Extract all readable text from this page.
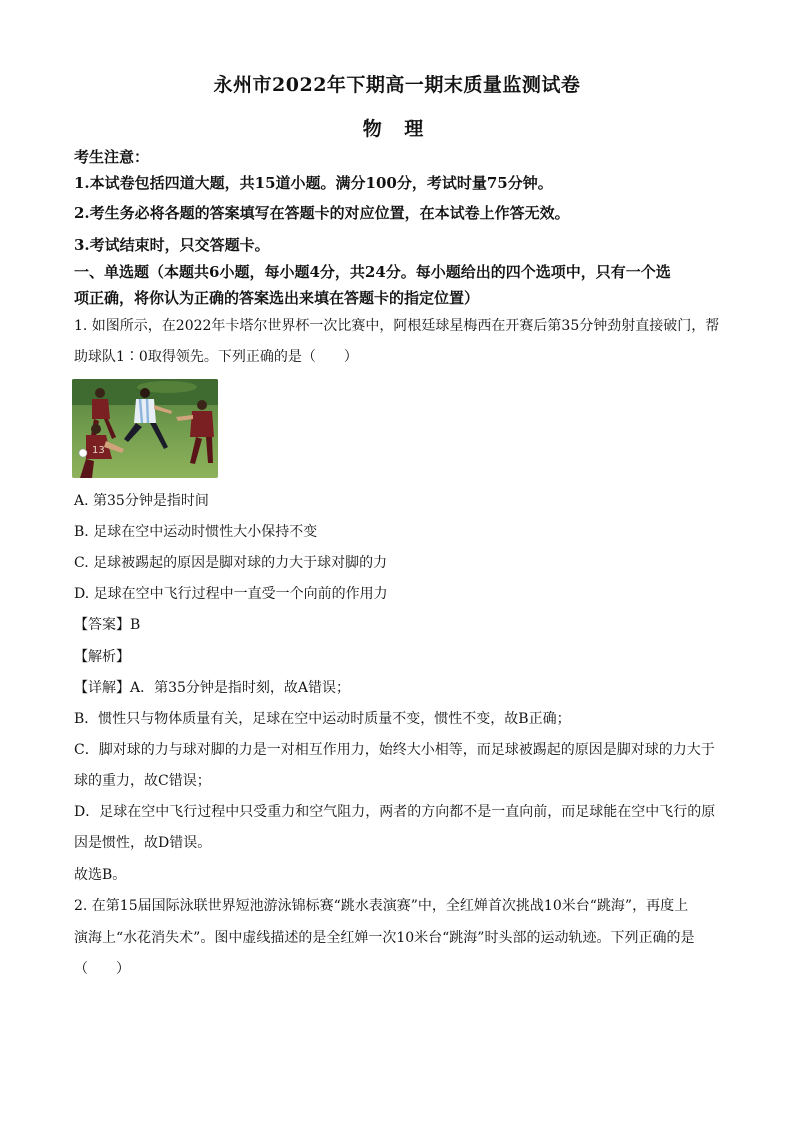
永州市2022年下期高一期末质量监测试卷
物 理
考生注意：
1.本试卷包括四道大题，共15道小题。满分100分，考试时量75分钟。
2.考生务必将各题的答案填写在答题卡的对应位置，在本试卷上作答无效。
3.考试结束时，只交答题卡。
一、单选题（本题共6小题，每小题4分，共24分。每小题给出的四个选项中，只有一个选
项正确，将你认为正确的答案选出来填在答题卡的指定位置）
1. 如图所示，在2022年卡塔尔世界杯一次比赛中，阿根廷球星梅西在开赛后第35分钟劲射直接破门，帮
助球队1∶0取得领先。下列正确的是（　　）
13
A. 第35分钟是指时间
B. 足球在空中运动时惯性大小保持不变
C. 足球被踢起的原因是脚对球的力大于球对脚的力
D. 足球在空中飞行过程中一直受一个向前的作用力
【答案】B
【解析】
【详解】A．第35分钟是指时刻，故A错误；
B．惯性只与物体质量有关，足球在空中运动时质量不变，惯性不变，故B正确；
C．脚对球的力与球对脚的力是一对相互作用力，始终大小相等，而足球被踢起的原因是脚对球的力大于
球的重力，故C错误；
D．足球在空中飞行过程中只受重力和空气阻力，两者的方向都不是一直向前，而足球能在空中飞行的原
因是惯性，故D错误。
故选B。
2. 在第15届国际泳联世界短池游泳锦标赛“跳水表演赛”中，全红婵首次挑战10米台“跳海”，再度上
演海上“水花消失术”。图中虚线描述的是全红婵一次10米台“跳海”时头部的运动轨迹。下列正确的是
（　　）
